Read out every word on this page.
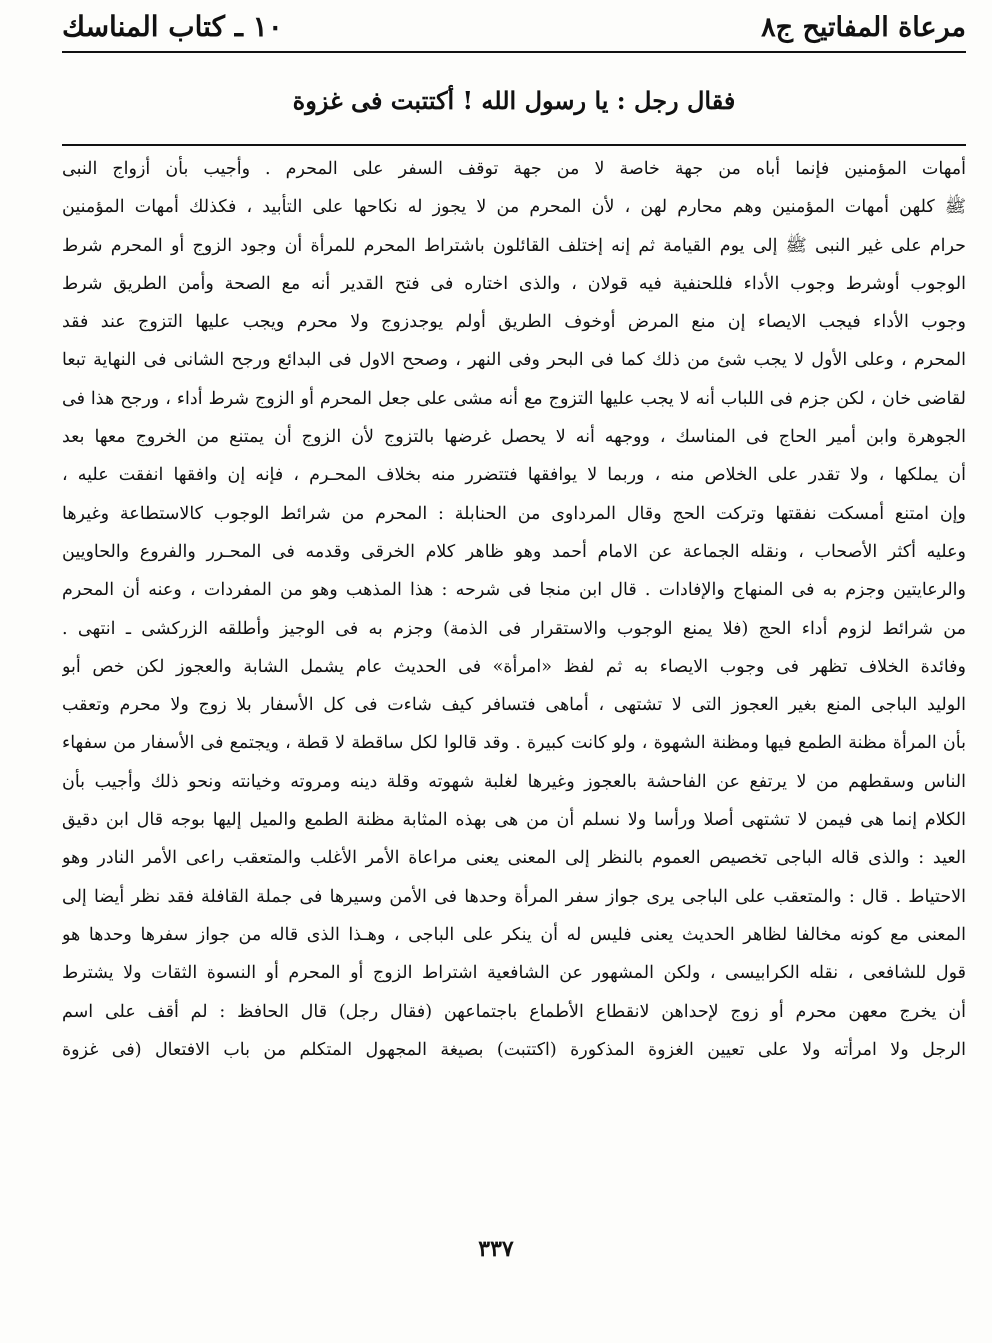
مرعاة المفاتيح ج٨
١٠ ـ كتاب المناسك
فقال رجل : يا رسول الله ! أكتتبت فى غزوة
أمهات المؤمنين فإنما أباه من جهة خاصة لا من جهة توقف السفر على المحرم . وأجيب بأن أزواج النبى
ﷺ كلهن أمهات المؤمنين وهم محارم لهن ، لأن المحرم من لا يجوز له نكاحها على التأبيد ، فكذلك أمهات المؤمنين
حرام على غير النبى ﷺ إلى يوم القيامة ثم إنه إختلف القائلون باشتراط المحرم للمرأة أن وجود الزوج أو المحرم شرط
الوجوب أوشرط وجوب الأداء فللحنفية فيه قولان ، والذى اختاره فى فتح القدير أنه مع الصحة وأمن الطريق شرط
وجوب الأداء فيجب الايصاء إن منع المرض أوخوف الطريق أولم يوجدزوج ولا محرم ويجب عليها التزوج عند فقد
المحرم ، وعلى الأول لا يجب شئ من ذلك كما فى البحر وفى النهر ، وصحح الاول فى البدائع ورجح الشانى فى النهاية تبعا
لقاضى خان ، لكن جزم فى اللباب أنه لا يجب عليها التزوج مع أنه مشى على جعل المحرم أو الزوج شرط أداء ، ورجح هذا فى
الجوهرة وابن أمير الحاج فى المناسك ، ووجهه أنه لا يحصل غرضها بالتزوج لأن الزوج أن يمتنع من الخروج معها بعد
أن يملكها ، ولا تقدر على الخلاص منه ، وربما لا يوافقها فتتضرر منه بخلاف المحـرم ، فإنه إن وافقها انفقت عليه ،
وإن امتنع أمسكت نفقتها وتركت الحج وقال المرداوى من الحنابلة : المحرم من شرائط الوجوب كالاستطاعة وغيرها
وعليه أكثر الأصحاب ، ونقله الجماعة عن الامام أحمد وهو ظاهر كلام الخرقى وقدمه فى المحـرر والفروع والحاويين
والرعايتين وجزم به فى المنهاج والإفادات . قال ابن منجا فى شرحه : هذا المذهب وهو من المفردات ، وعنه أن المحرم
من شرائط لزوم أداء الحج (فلا يمنع الوجوب والاستقرار فى الذمة) وجزم به فى الوجيز وأطلقه الزركشى ـ انتهى .
وفائدة الخلاف تظهر فى وجوب الايصاء به ثم لفظ «امرأة» فى الحديث عام يشمل الشابة والعجوز لكن خص أبو
الوليد الباجى المنع بغير العجوز التى لا تشتهى ، أماهى فتسافر كيف شاءت فى كل الأسفار بلا زوج ولا محرم وتعقب
بأن المرأة مظنة الطمع فيها ومظنة الشهوة ، ولو كانت كبيرة . وقد قالوا لكل ساقطة لا قطة ، ويجتمع فى الأسفار من سفهاء
الناس وسقطهم من لا يرتفع عن الفاحشة بالعجوز وغيرها لغلبة شهوته وقلة دينه ومروته وخيانته ونحو ذلك وأجيب بأن
الكلام إنما هى فيمن لا تشتهى أصلا ورأسا ولا نسلم أن من هى بهذه المثابة مظنة الطمع والميل إليها بوجه قال ابن دقيق
العيد : والذى قاله الباجى تخصيص العموم بالنظر إلى المعنى يعنى مراعاة الأمر الأغلب والمتعقب راعى الأمر النادر وهو
الاحتياط . قال : والمتعقب على الباجى يرى جواز سفر المرأة وحدها فى الأمن وسيرها فى جملة القافلة فقد نظر أيضا إلى
المعنى مع كونه مخالفا لظاهر الحديث يعنى فليس له أن ينكر على الباجى ، وهـذا الذى قاله من جواز سفرها وحدها هو
قول للشافعى ، نقله الكرابيسى ، ولكن المشهور عن الشافعية اشتراط الزوج أو المحرم أو النسوة الثقات ولا يشترط
أن يخرج معهن محرم أو زوج لإحداهن لانقطاع الأطماع باجتماعهن (فقال رجل) قال الحافظ : لم أقف على اسم
الرجل ولا امرأته ولا على تعيين الغزوة المذكورة (اكتتبت) بصيغة المجهول المتكلم من باب الافتعال (فى غزوة
٣٣٧
